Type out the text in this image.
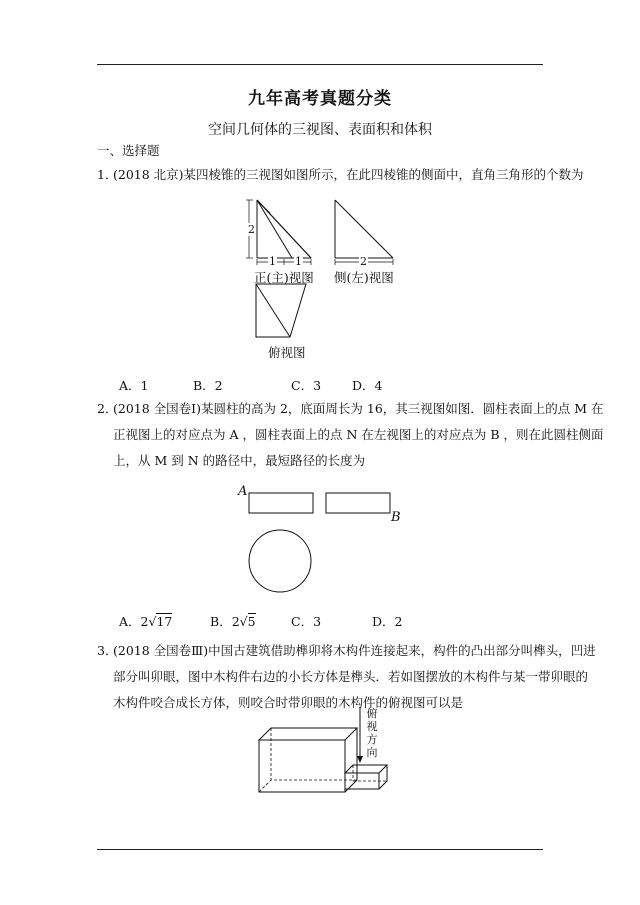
九年高考真题分类
空间几何体的三视图、表面积和体积
一、选择题
1．
(2018 北京)某四棱锥的三视图如图所示，在此四棱锥的侧面中，直角三角形的个数为
2
1 1
正(主)视图
2
侧(左)视图
俯视图
A．1	B．2	C．3 D．4
2．
(2018 全国卷Ⅰ)某圆柱的高为 2，底面周长为 16，其三视图如图．圆柱表面上的点 M 在
正视图上的对应点为 A ，圆柱表面上的点 N 在左视图上的对应点为 B ，则在此圆柱侧面
上，从 M 到 N 的路径中，最短路径的长度为
A
B
A．2√17	B．2√5	C．3	D．2
3．
(2018 全国卷Ⅲ)中国古建筑借助榫卯将木构件连接起来，构件的凸出部分叫榫头，凹进
部分叫卯眼，图中木构件右边的小长方体是榫头．若如图摆放的木构件与某一带卯眼的
木构件咬合成长方体，则咬合时带卯眼的木构件的俯视图可以是
俯
视
方
向
